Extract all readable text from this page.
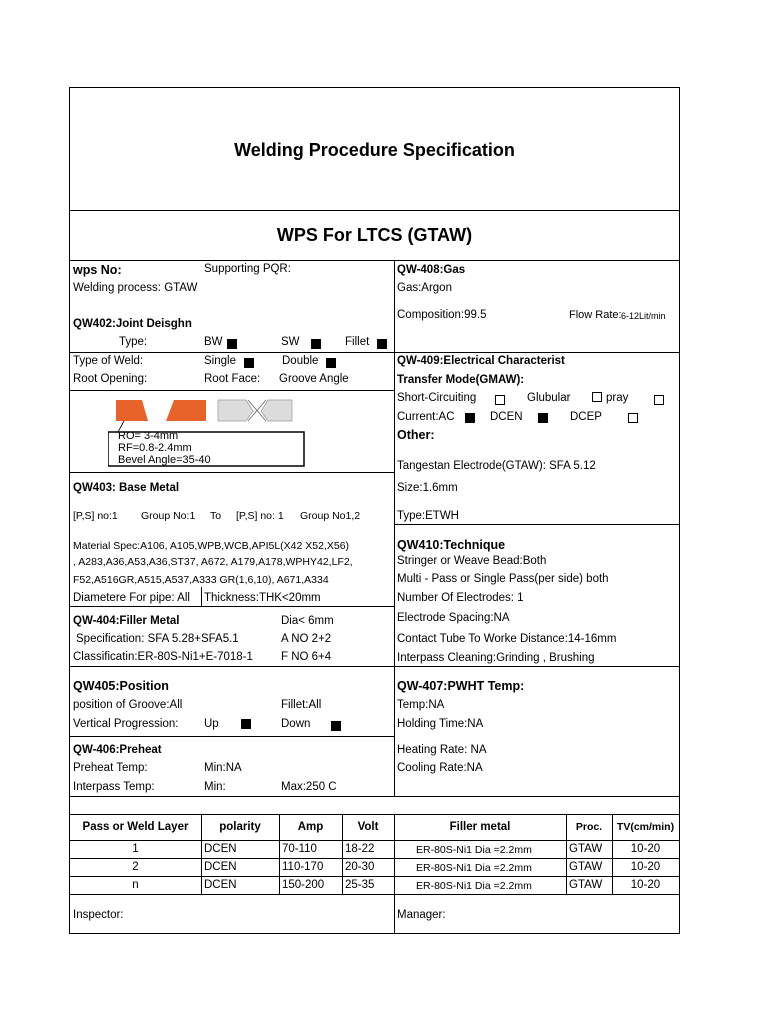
Welding Procedure Specification
WPS For LTCS (GTAW)
wps No:	Supporting PQR:
Welding process: GTAW
QW402:Joint Deisghn
Type:	BW	SW	Fillet
Type of Weld:	Single	Double
Root Opening:	Root Face: Groove Angle
RO= 3-4mm
RF=0.8-2.4mm
Bevel Angle=35-40
QW403: Base Metal
[P,S] no:1 Group No:1 To [P,S] no: 1 Group No1,2
Material Spec:A106, A105,WPB,WCB,API5L(X42 X52,X56)
, A283,A36,A53,A36,ST37, A672, A179,A178,WPHY42,LF2,
F52,A516GR,A515,A537,A333 GR(1,6,10), A671,A334
Diametere For pipe: All Thickness:THK<20mm
QW-404:Filler Metal	Dia< 6mm
Specification: SFA 5.28+SFA5.1	A NO 2+2
Classificatin:ER-80S-Ni1+E-7018-1 F NO 6+4
QW405:Position
position of Groove:All	Fillet:All
Vertical Progression: Up	Down
QW-406:Preheat
Preheat Temp:	Min:NA
Interpass Temp:	Min:	Max:250 C
QW-408:Gas
Gas:Argon
Composition:99.5	Flow Rate: 6-12Lit/min
QW-409:Electrical Characterist
Transfer Mode(GMAW):
Short-Circuiting	Glubular	pray
Current:AC	DCEN	DCEP
Other:
Tangestan Electrode(GTAW): SFA 5.12
Size:1.6mm
Type:ETWH
QW410:Technique
Stringer or Weave Bead:Both
Multi - Pass or Single Pass(per side) both
Number Of Electrodes: 1
Electrode Spacing:NA
Contact Tube To Worke Distance:14-16mm
Interpass Cleaning:Grinding , Brushing
QW-407:PWHT Temp:
Temp:NA
Holding Time:NA
Heating Rate: NA
Cooling Rate:NA
Pass or Weld Layer	polarity	Amp	Volt	Filler metal	Proc.	TV(cm/min)
1	DCEN	70-110 18-22	ER-80S-Ni1 Dia =2.2mm	GTAW	10-20
2	DCEN	110-170 20-30	ER-80S-Ni1 Dia =2.2mm	GTAW	10-20
n	DCEN	150-200 25-35	ER-80S-Ni1 Dia =2.2mm	GTAW	10-20
Inspector:	Manager:
